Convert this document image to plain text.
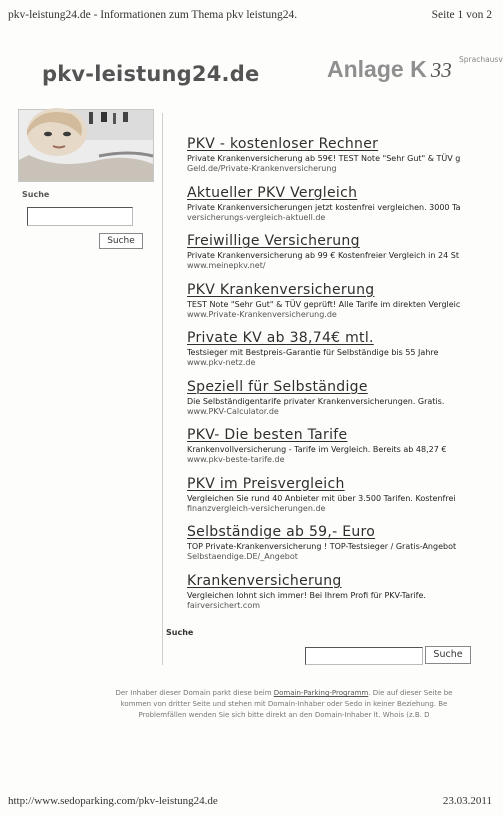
pkv-leistung24.de - Informationen zum Thema pkv leistung24.	Seite 1 von 2
pkv-leistung24.de	Anlage K 33 Sprachausv
Suche
Suche
PKV - kostenloser Rechner
Private Krankenversicherung ab 59€! TEST Note "Sehr Gut" & TÜV g
Geld.de/Private-Krankenversicherung
Aktueller PKV Vergleich
Private Krankenversicherungen jetzt kostenfrei vergleichen. 3000 Ta
versicherungs-vergleich-aktuell.de
Freiwillige Versicherung
Private Krankenversicherung ab 99 € Kostenfreier Vergleich in 24 St
www.meinepkv.net/
PKV Krankenversicherung
TEST Note "Sehr Gut" & TÜV geprüft! Alle Tarife im direkten Vergleic
www.Private-Krankenversicherung.de
Private KV ab 38,74€ mtl.
Testsieger mit Bestpreis-Garantie für Selbständige bis 55 Jahre
www.pkv-netz.de
Speziell für Selbständige
Die Selbständigentarife privater Krankenversicherungen. Gratis.
www.PKV-Calculator.de
PKV- Die besten Tarife
Krankenvollversicherung - Tarife im Vergleich. Bereits ab 48,27 €
www.pkv-beste-tarife.de
PKV im Preisvergleich
Vergleichen Sie rund 40 Anbieter mit über 3.500 Tarifen. Kostenfrei
finanzvergleich-versicherungen.de
Selbständige ab 59,- Euro
TOP Private-Krankenversicherung ! TOP-Testsieger / Gratis-Angebot
Selbstaendige.DE/_Angebot
Krankenversicherung
Vergleichen lohnt sich immer! Bei Ihrem Profi für PKV-Tarife.
fairversichert.com
Suche
Suche
Der Inhaber dieser Domain parkt diese beim Domain-Parking-Programm. Die auf dieser Seite be
kommen von dritter Seite und stehen mit Domain-Inhaber oder Sedo in keiner Beziehung. Be
Problemfällen wenden Sie sich bitte direkt an den Domain-Inhaber lt. Whois (z.B. D
http://www.sedoparking.com/pkv-leistung24.de	23.03.2011
